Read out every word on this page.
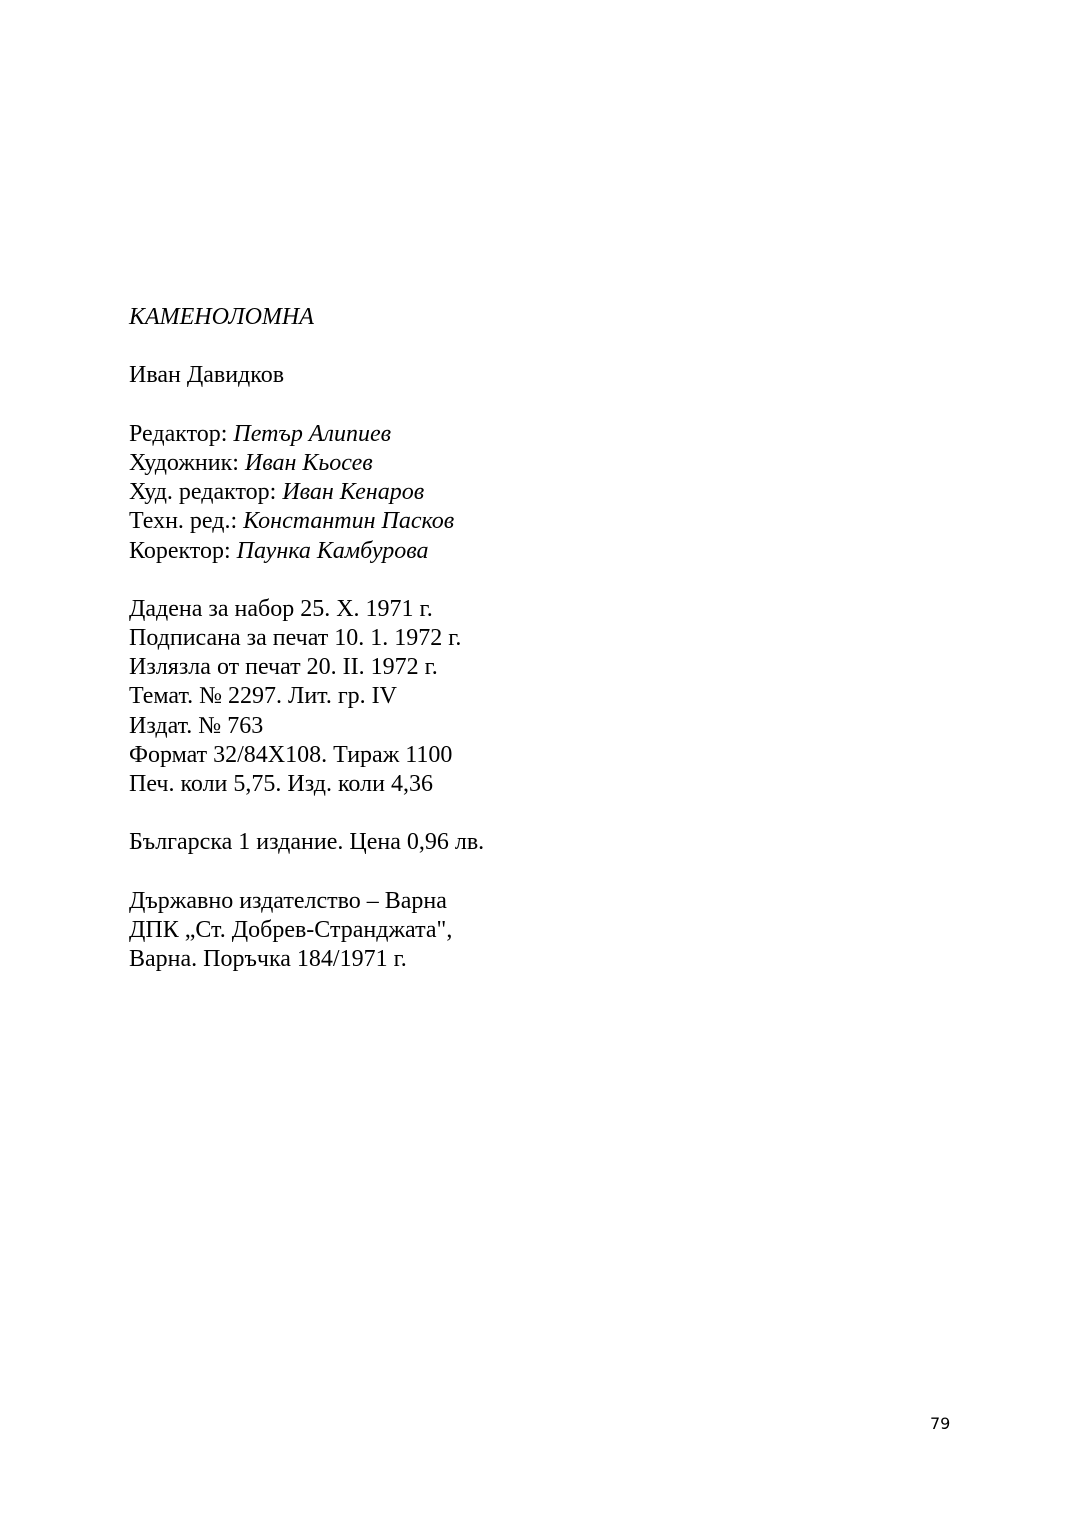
КАМЕНОЛОМНА
Иван Давидков
Редактор: Петър Алипиев
Художник: Иван Кьосев
Худ. редактор: Иван Кенаров
Техн. ред.: Константин Пасков
Коректор: Паунка Камбурова
Дадена за набор 25. X. 1971 г.
Подписана за печат 10. 1. 1972 г.
Излязла от печат 20. II. 1972 г.
Темат. № 2297. Лит. гр. IV
Издат. № 763
Формат 32/84X108. Тираж 1100
Печ. коли 5,75. Изд. коли 4,36
Българска 1 издание. Цена 0,96 лв.
Държавно издателство – Варна
ДПК „Ст. Добрев-Странджата",
Варна. Поръчка 184/1971 г.
79
